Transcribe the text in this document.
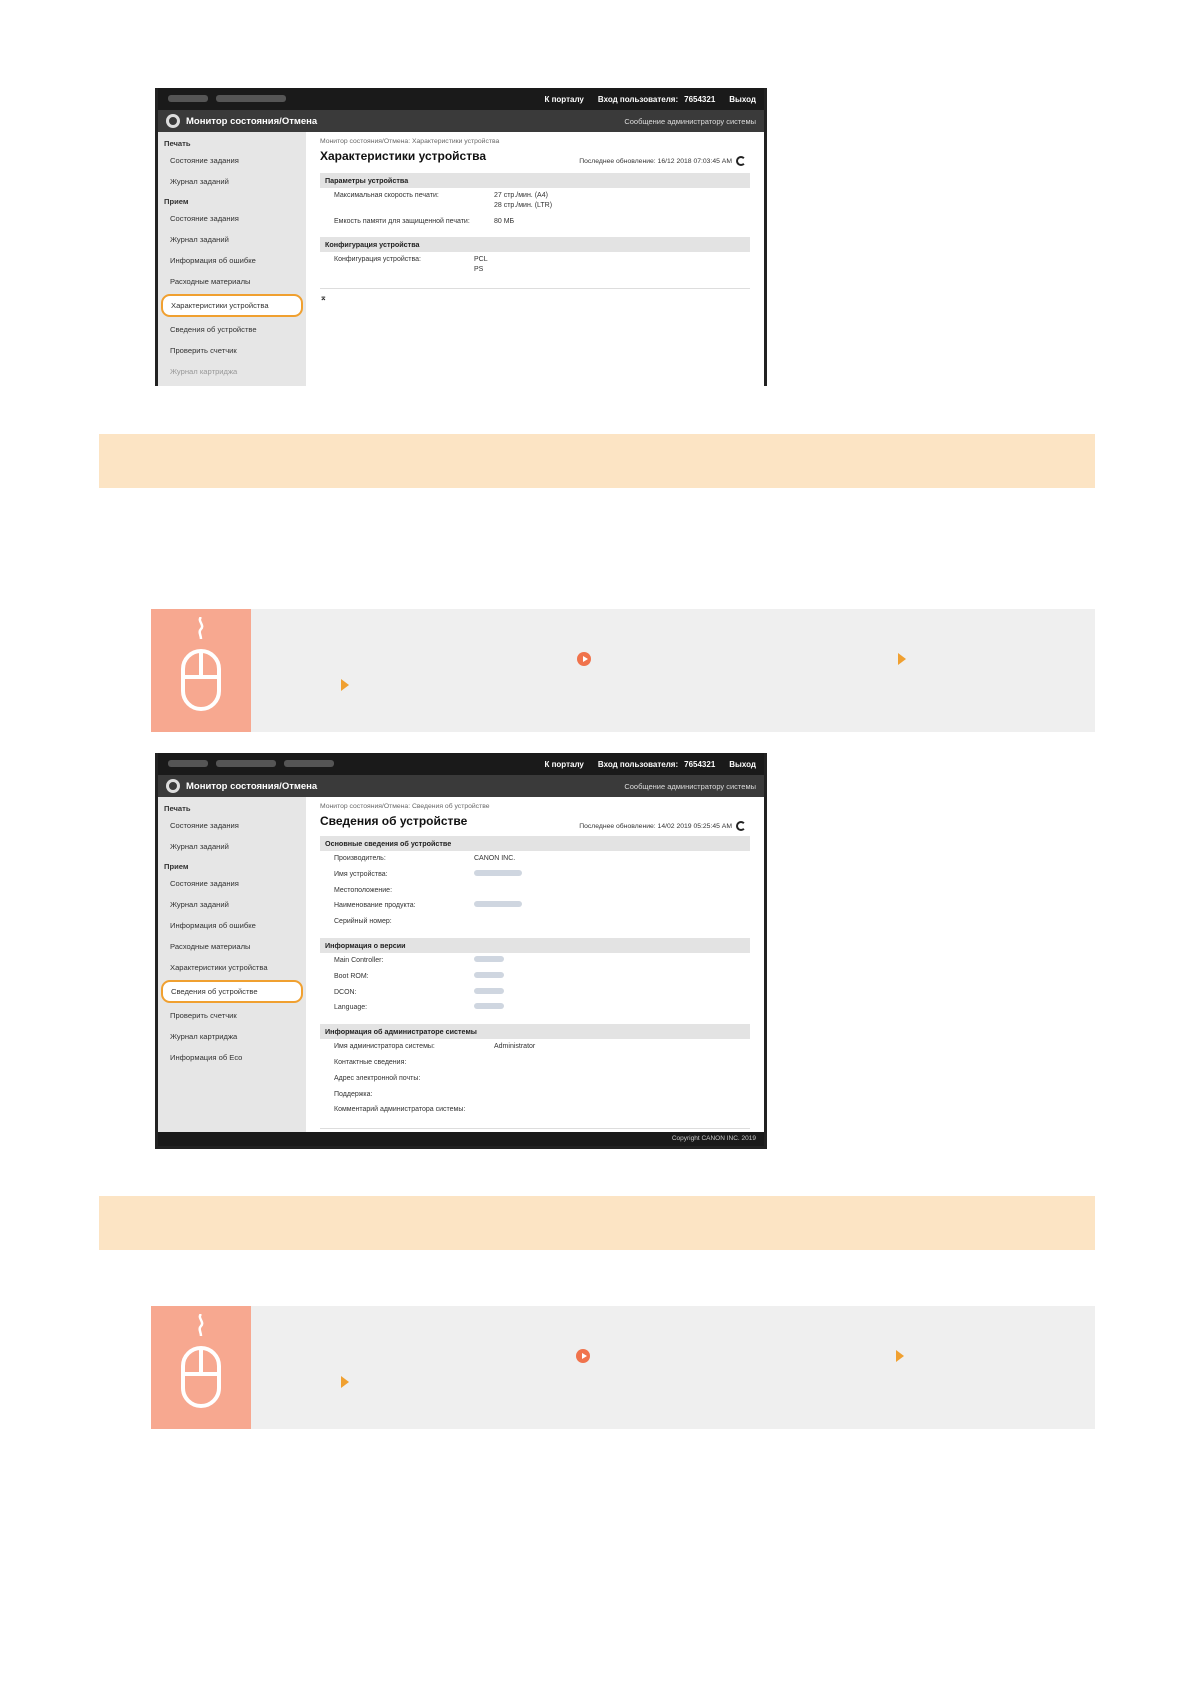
К порталу Вход пользователя: 7654321 Выход
Монитор состояния/Отмена	Сообщение администратору системы
Печать
Состояние задания
Журнал заданий
Прием
Состояние задания
Журнал заданий
Информация об ошибке
Расходные материалы
Характеристики устройства
Сведения об устройстве
Проверить счетчик
Журнал картриджа
Монитор состояния/Отмена: Характеристики устройства
Характеристики устройства	Последнее обновление: 16/12 2018 07:03:45 AM
Параметры устройства
Максимальная скорость печати:	27 стр./мин. (A4)
28 стр./мин. (LTR)
Емкость памяти для защищенной печати:	80 МБ
Конфигурация устройства
Конфигурация устройства:	PCL
PS
⌅
К порталу Вход пользователя: 7654321 Выход
Монитор состояния/Отмена	Сообщение администратору системы
Печать
Состояние задания
Журнал заданий
Прием
Состояние задания
Журнал заданий
Информация об ошибке
Расходные материалы
Характеристики устройства
Сведения об устройстве
Проверить счетчик
Журнал картриджа
Информация об Eco
Монитор состояния/Отмена: Сведения об устройстве
Сведения об устройстве	Последнее обновление: 14/02 2019 05:25:45 AM
Основные сведения об устройстве
Производитель:	CANON INC.
Имя устройства:
Местоположение:
Наименование продукта:
Серийный номер:
Информация о версии
Main Controller:
Boot ROM:
DCON:
Language:
Информация об администраторе системы
Имя администратора системы:	Administrator
Контактные сведения:
Адрес электронной почты:
Поддержка:
Комментарий администратора системы:
Copyright CANON INC. 2019
